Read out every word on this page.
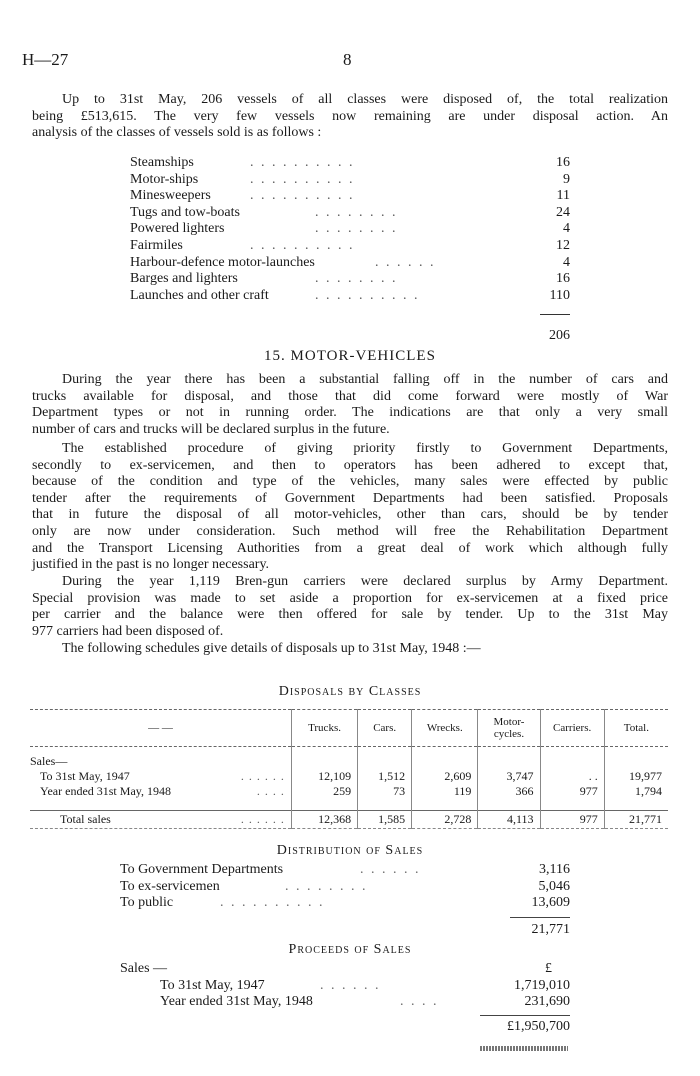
H—27	8
Up to 31st May, 206 vessels of all classes were disposed of, the total realization
being £513,615. The very few vessels now remaining are under disposal action. An
analysis of the classes of vessels sold is as follows :
Steamships	. . . . . . . . . .	16
Motor-ships	. . . . . . . . . .	9
Minesweepers	. . . . . . . . . .	11
Tugs and tow-boats	. . . . . . . .	24
Powered lighters	. . . . . . . .	4
Fairmiles	. . . . . . . . . .	12
Harbour-defence motor-launches	. . . . . .	4
Barges and lighters	. . . . . . . .	16
Launches and other craft	. . . . . . . . . .	110
206
15. MOTOR-VEHICLES
During the year there has been a substantial falling off in the number of cars and
trucks available for disposal, and those that did come forward were mostly of War
Department types or not in running order. The indications are that only a very small
number of cars and trucks will be declared surplus in the future.
The established procedure of giving priority firstly to Government Departments,
secondly to ex-servicemen, and then to operators has been adhered to except that,
because of the condition and type of the vehicles, many sales were effected by public
tender after the requirements of Government Departments had been satisfied. Proposals
that in future the disposal of all motor-vehicles, other than cars, should be by tender
only are now under consideration. Such method will free the Rehabilitation Department
and the Transport Licensing Authorities from a great deal of work which although fully
justified in the past is no longer necessary.
During the year 1,119 Bren-gun carriers were declared surplus by Army Department.
Special provision was made to set aside a proportion for ex-servicemen at a fixed price
per carrier and the balance were then offered for sale by tender. Up to the 31st May
977 carriers had been disposed of.
The following schedules give details of disposals up to 31st May, 1948 :—
Disposals by Classes
— —	Trucks.	Cars.	Wrecks.	Motor-cycles.	Carriers.	Total.
Sales—						
To 31st May, 1947 . . . . . .	12,109	1,512	2,609	3,747	. .	19,977
Year ended 31st May, 1948 . . . .	259	73	119	366	977	1,794

Total sales . . . . . .	12,368	1,585	2,728	4,113	977	21,771
Distribution of Sales
To Government Departments	. . . . . .	3,116
To ex-servicemen	. . . . . . . .	5,046
To public	. . . . . . . . . .	13,609
21,771
Proceeds of Sales
Sales —	£
To 31st May, 1947	. . . . . .	1,719,010
Year ended 31st May, 1948	. . . .	231,690
£1,950,700
